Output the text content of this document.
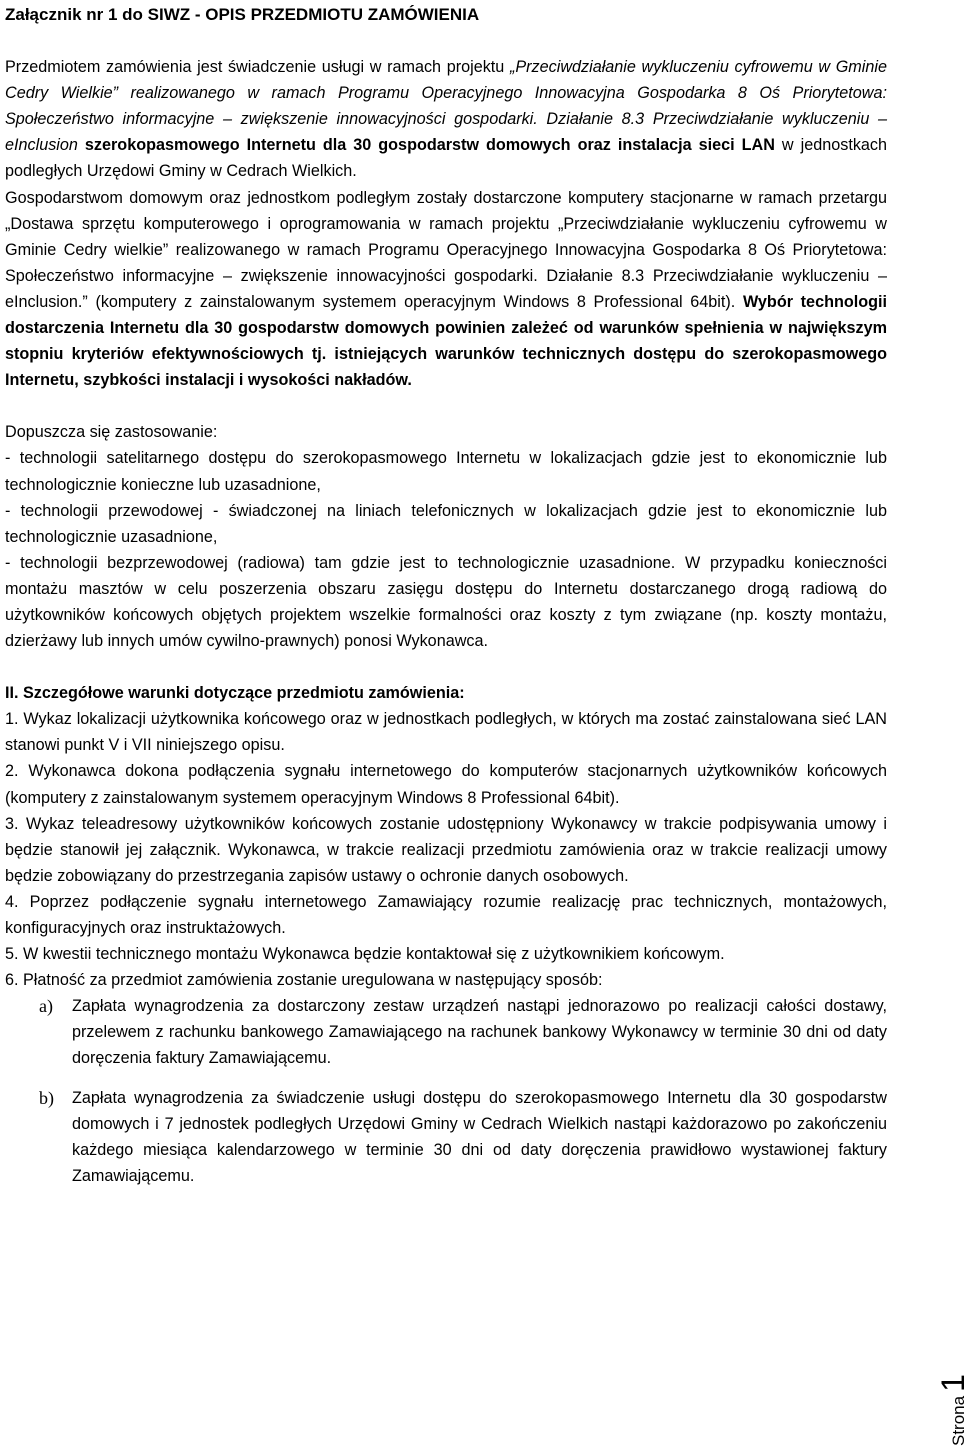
Załącznik nr 1 do SIWZ - OPIS PRZEDMIOTU ZAMÓWIENIA

Przedmiotem zamówienia jest świadczenie usługi w ramach projektu „Przeciwdziałanie wykluczeniu cyfrowemu w Gminie Cedry Wielkie” realizowanego w ramach Programu Operacyjnego Innowacyjna Gospodarka 8 Oś Priorytetowa: Społeczeństwo informacyjne – zwiększenie innowacyjności gospodarki. Działanie 8.3 Przeciwdziałanie wykluczeniu – eInclusion szerokopasmowego Internetu dla 30 gospodarstw domowych oraz instalacja sieci LAN w jednostkach podległych Urzędowi Gminy w Cedrach Wielkich.

Gospodarstwom domowym oraz jednostkom podległym zostały dostarczone komputery stacjonarne w ramach przetargu „Dostawa sprzętu komputerowego i oprogramowania w ramach projektu „Przeciwdziałanie wykluczeniu cyfrowemu w Gminie Cedry wielkie” realizowanego w ramach Programu Operacyjnego Innowacyjna Gospodarka 8 Oś Priorytetowa: Społeczeństwo informacyjne – zwiększenie innowacyjności gospodarki. Działanie 8.3 Przeciwdziałanie wykluczeniu – eInclusion.” (komputery z zainstalowanym systemem operacyjnym Windows 8 Professional 64bit). Wybór technologii dostarczenia Internetu dla 30 gospodarstw domowych powinien zależeć od warunków spełnienia w największym stopniu kryteriów efektywnościowych tj. istniejących warunków technicznych dostępu do szerokopasmowego Internetu, szybkości instalacji i wysokości nakładów.

Dopuszcza się zastosowanie:

- technologii satelitarnego dostępu do szerokopasmowego Internetu w lokalizacjach gdzie jest to ekonomicznie lub technologicznie konieczne lub uzasadnione,

- technologii przewodowej - świadczonej na liniach telefonicznych w lokalizacjach gdzie jest to ekonomicznie lub technologicznie uzasadnione,

- technologii bezprzewodowej (radiowa) tam gdzie jest to technologicznie uzasadnione. W przypadku konieczności montażu masztów w celu poszerzenia obszaru zasięgu dostępu do Internetu dostarczanego drogą radiową do użytkowników końcowych objętych projektem wszelkie formalności oraz koszty z tym związane (np. koszty montażu, dzierżawy lub innych umów cywilno-prawnych) ponosi Wykonawca.

II. Szczegółowe warunki dotyczące przedmiotu zamówienia:

1. Wykaz lokalizacji użytkownika końcowego oraz w jednostkach podległych, w których ma zostać zainstalowana sieć LAN stanowi punkt V i VII niniejszego opisu.

2. Wykonawca dokona podłączenia sygnału internetowego do komputerów stacjonarnych użytkowników końcowych (komputery z zainstalowanym systemem operacyjnym Windows 8 Professional 64bit).

3. Wykaz teleadresowy użytkowników końcowych zostanie udostępniony Wykonawcy w trakcie podpisywania umowy i będzie stanowił jej załącznik. Wykonawca, w trakcie realizacji przedmiotu zamówienia oraz w trakcie realizacji umowy będzie zobowiązany do przestrzegania zapisów ustawy o ochronie danych osobowych.

4. Poprzez podłączenie sygnału internetowego Zamawiający rozumie realizację prac technicznych, montażowych, konfiguracyjnych oraz instruktażowych.

5. W kwestii technicznego montażu Wykonawca będzie kontaktował się z użytkownikiem końcowym.

6. Płatność za przedmiot zamówienia zostanie uregulowana w następujący sposób:

a) Zapłata wynagrodzenia za dostarczony zestaw urządzeń nastąpi jednorazowo po realizacji całości dostawy, przelewem z rachunku bankowego Zamawiającego na rachunek bankowy Wykonawcy w terminie 30 dni od daty doręczenia faktury Zamawiającemu.

b) Zapłata wynagrodzenia za świadczenie usługi dostępu do szerokopasmowego Internetu dla 30 gospodarstw domowych i 7 jednostek podległych Urzędowi Gminy w Cedrach Wielkich nastąpi każdorazowo po zakończeniu każdego miesiąca kalendarzowego w terminie 30 dni od daty doręczenia prawidłowo wystawionej faktury Zamawiającemu.

Strona1
